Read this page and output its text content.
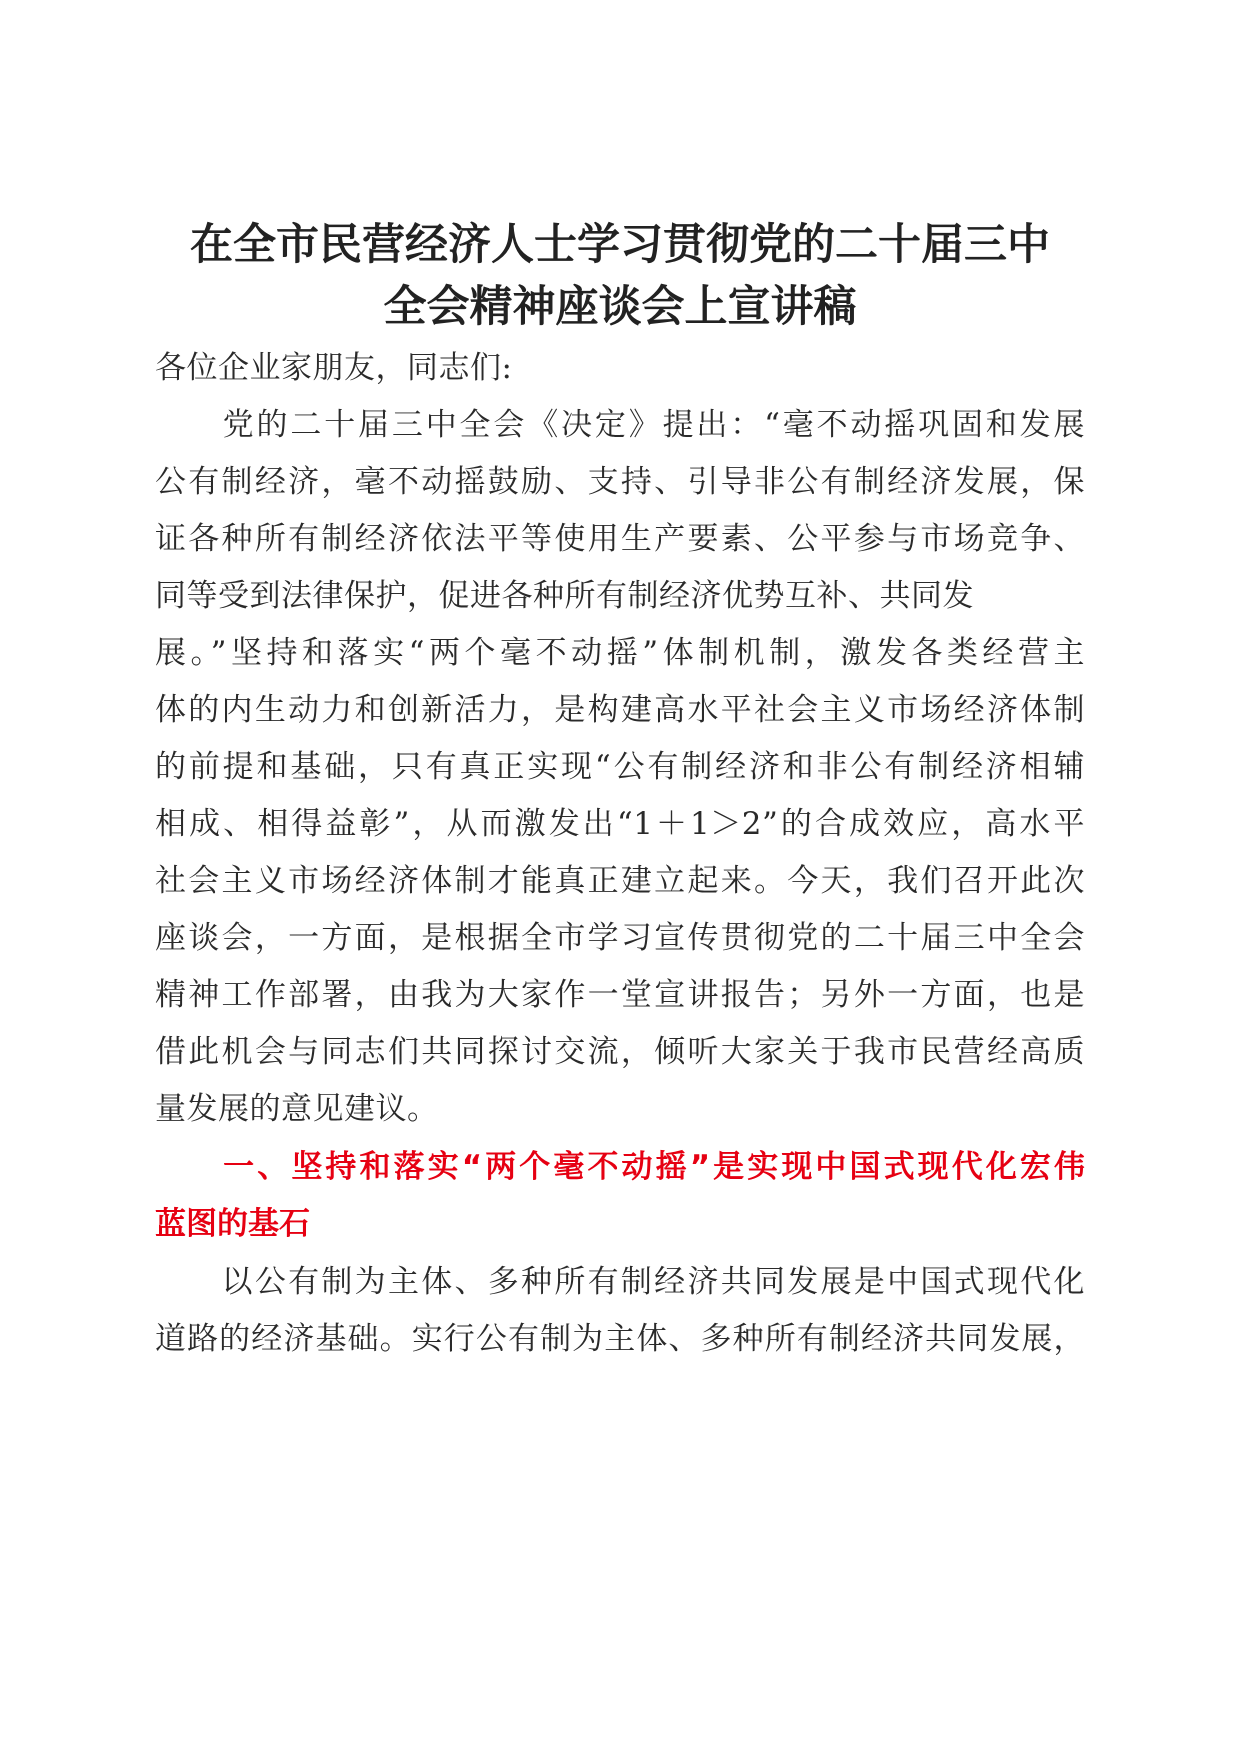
在全市民营经济人士学习贯彻党的二十届三中
全会精神座谈会上宣讲稿

各位企业家朋友，同志们:

　　党的二十届三中全会《决定》提出：“毫不动摇巩固和发展

公有制经济，毫不动摇鼓励、支持、引导非公有制经济发展，保

证各种所有制经济依法平等使用生产要素、公平参与市场竞争、

同等受到法律保护，促进各种所有制经济优势互补、共同发

展。”坚持和落实“两个毫不动摇”体制机制，激发各类经营主

体的内生动力和创新活力，是构建高水平社会主义市场经济体制

的前提和基础，只有真正实现“公有制经济和非公有制经济相辅

相成、相得益彰”，从而激发出“1＋1＞2”的合成效应，高水平

社会主义市场经济体制才能真正建立起来。今天，我们召开此次

座谈会，一方面，是根据全市学习宣传贯彻党的二十届三中全会

精神工作部署，由我为大家作一堂宣讲报告；另外一方面，也是

借此机会与同志们共同探讨交流，倾听大家关于我市民营经高质

量发展的意见建议。

　　一、坚持和落实“两个毫不动摇”是实现中国式现代化宏伟

蓝图的基石

　　以公有制为主体、多种所有制经济共同发展是中国式现代化

道路的经济基础。实行公有制为主体、多种所有制经济共同发展，
